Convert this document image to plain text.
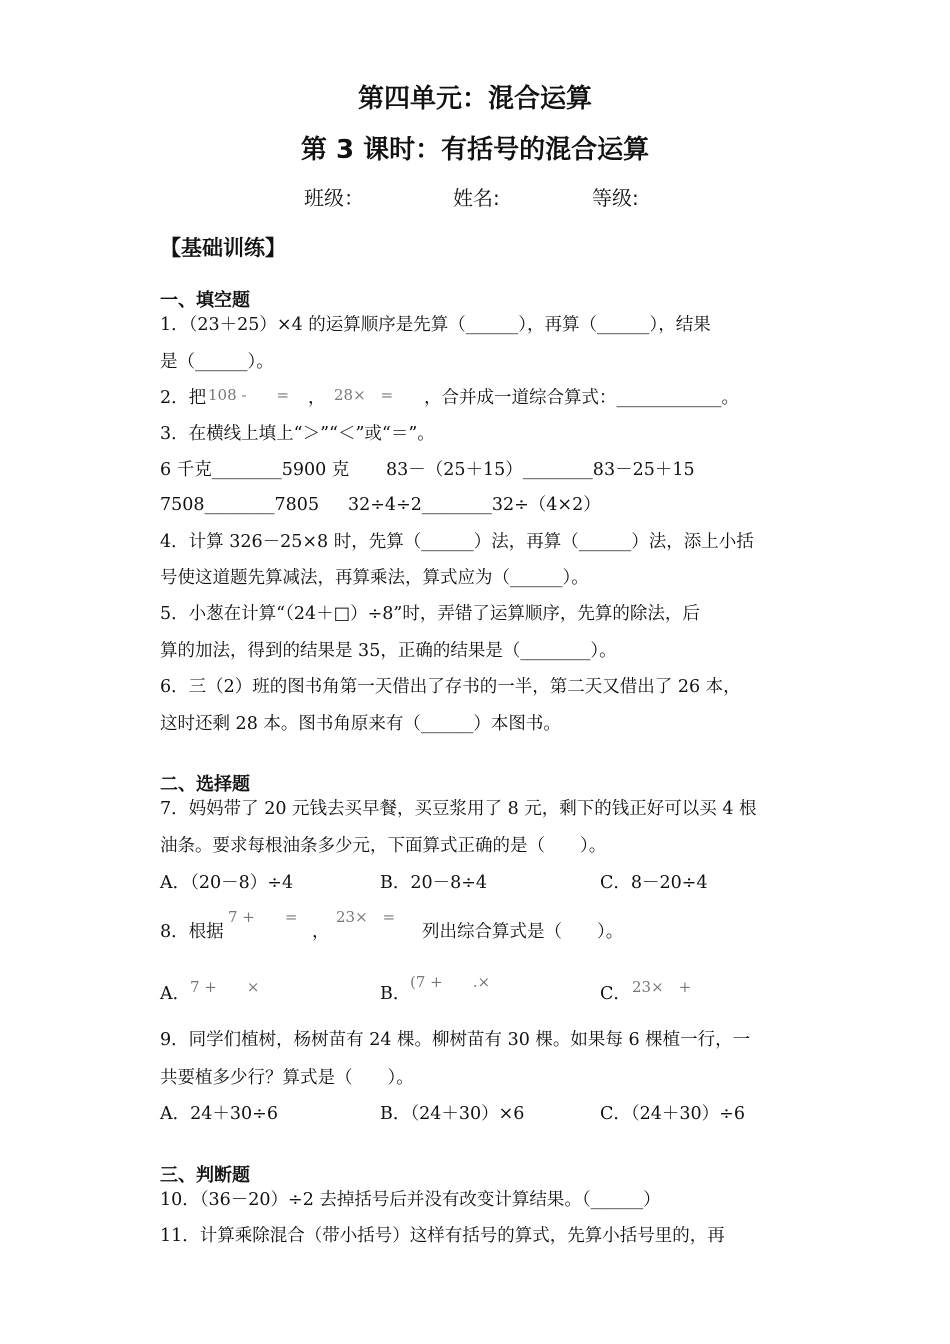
第四单元：混合运算
第 3 课时：有括号的混合运算
班级：	姓名:	等级:
【基础训练】
一、填空题
1．（23＋25）×4 的运算顺序是先算（______），再算（______），结果
是（______）。
2．把 108 -　　= ， 28×　= ，合并成一道综合算式：____________。
3．在横线上填上“＞”“＜”或“＝”。
6 千克________5900 克 83－（25＋15）________83－25＋15
7508________7805 32÷4÷2________32÷（4×2）
4．计算 326－25×8 时，先算（______）法，再算（______）法，添上小括
号使这道题先算减法，再算乘法，算式应为（______）。
5．小葱在计算“（24＋□）÷8”时，弄错了运算顺序，先算的除法，后
算的加法，得到的结果是 35，正确的结果是（________）。
6．三（2）班的图书角第一天借出了存书的一半，第二天又借出了 26 本，
这时还剩 28 本。图书角原来有（______）本图书。
二、选择题
7．妈妈带了 20 元钱去买早餐，买豆浆用了 8 元，剩下的钱正好可以买 4 根
油条。要求每根油条多少元，下面算式正确的是（　　）。
A．（20－8）÷4	B．20－8÷4	C．8－20÷4
8．根据
7 +　　=
，
23×　=
列出综合算式是（　　）。
A． 7 +　　×	B．
(7 +　　.×
C． 23×　+
9．同学们植树，杨树苗有 24 棵。柳树苗有 30 棵。如果每 6 棵植一行，一
共要植多少行？算式是（　　）。
A．24＋30÷6	B．（24＋30）×6	C．（24＋30）÷6
三、判断题
10．（36－20）÷2 去掉括号后并没有改变计算结果。（______）
11．计算乘除混合（带小括号）这样有括号的算式，先算小括号里的，再
